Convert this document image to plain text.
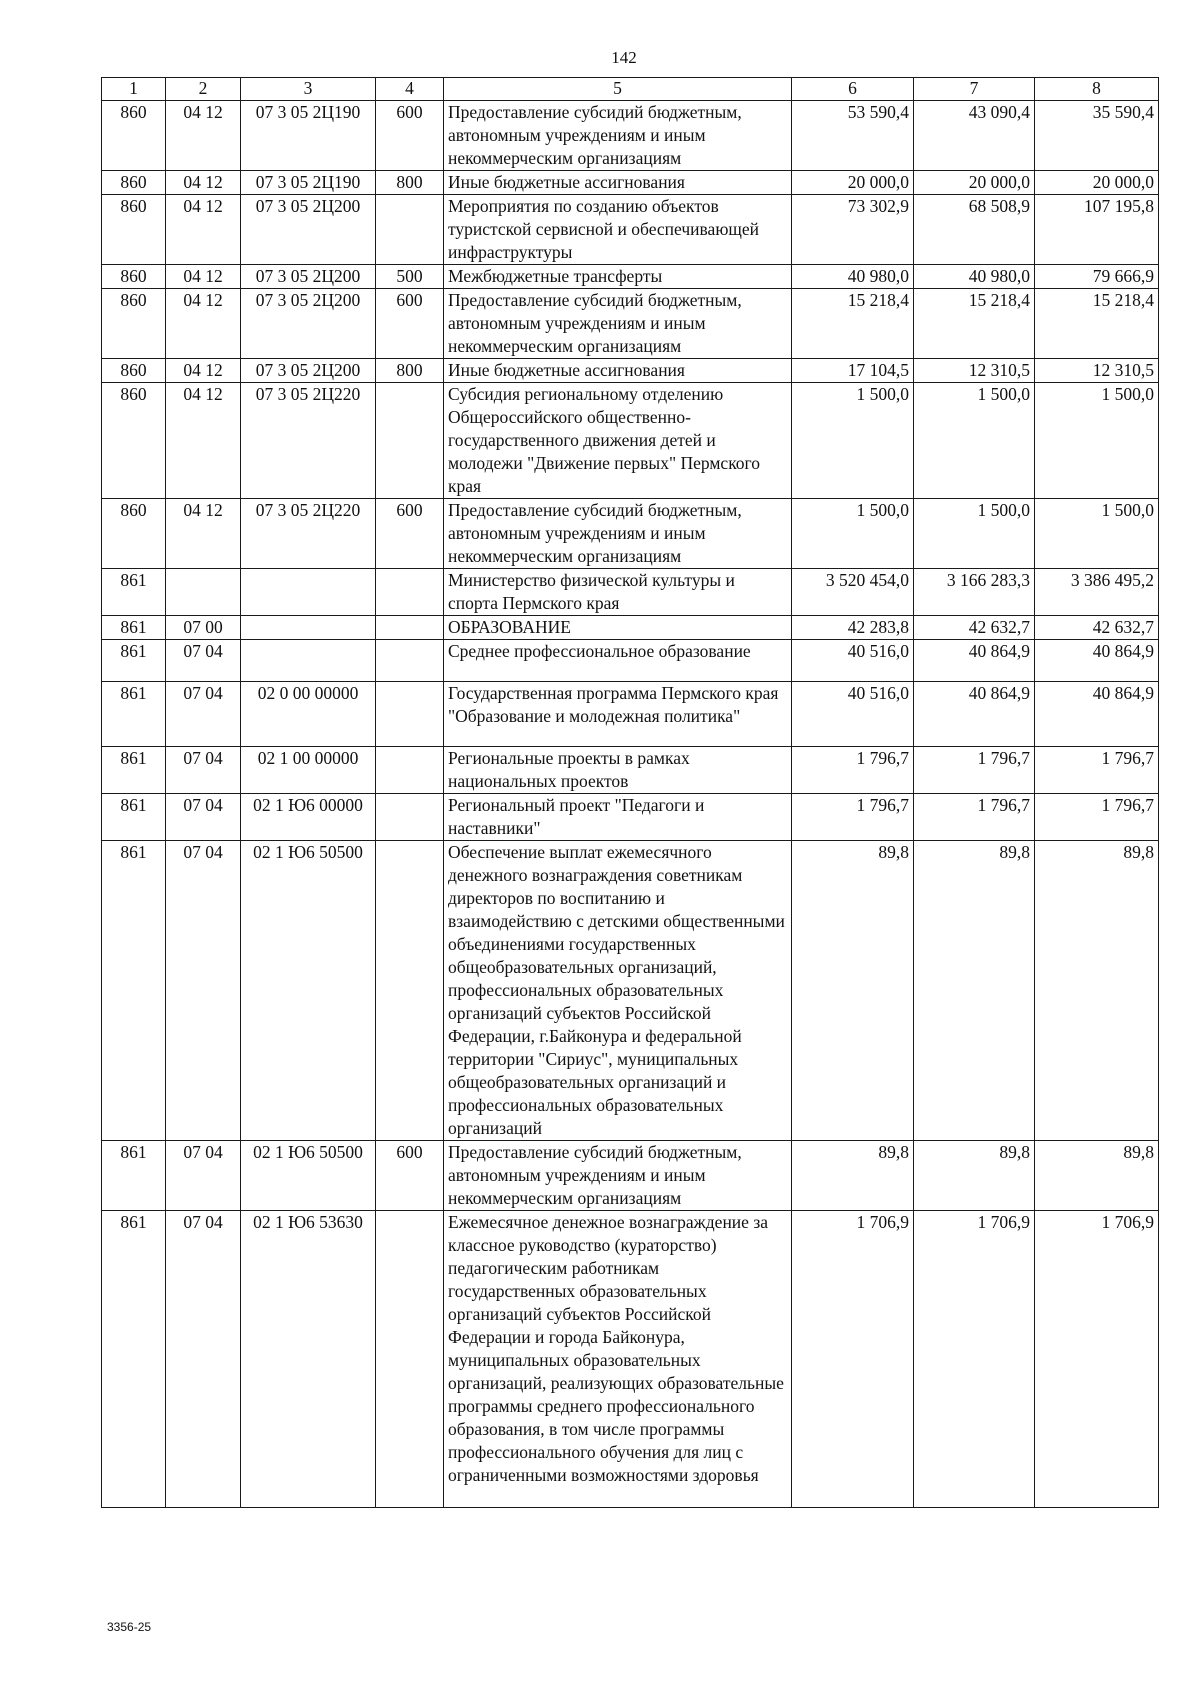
142
1	2	3	4	5	6	7	8
860	04 12	07 3 05 2Ц190	600	Предоставление субсидий бюджетным, автономным учреждениям и иным некоммерческим организациям	53 590,4	43 090,4	35 590,4
860	04 12	07 3 05 2Ц190	800	Иные бюджетные ассигнования	20 000,0	20 000,0	20 000,0
860	04 12	07 3 05 2Ц200		Мероприятия по созданию объектов туристской сервисной и обеспечивающей инфраструктуры	73 302,9	68 508,9	107 195,8
860	04 12	07 3 05 2Ц200	500	Межбюджетные трансферты	40 980,0	40 980,0	79 666,9
860	04 12	07 3 05 2Ц200	600	Предоставление субсидий бюджетным, автономным учреждениям и иным некоммерческим организациям	15 218,4	15 218,4	15 218,4
860	04 12	07 3 05 2Ц200	800	Иные бюджетные ассигнования	17 104,5	12 310,5	12 310,5
860	04 12	07 3 05 2Ц220		Субсидия региональному отделению Общероссийского общественно-государственного движения детей и молодежи "Движение первых" Пермского края	1 500,0	1 500,0	1 500,0
860	04 12	07 3 05 2Ц220	600	Предоставление субсидий бюджетным, автономным учреждениям и иным некоммерческим организациям	1 500,0	1 500,0	1 500,0
861				Министерство физической культуры и спорта Пермского края	3 520 454,0	3 166 283,3	3 386 495,2
861	07 00			ОБРАЗОВАНИЕ	42 283,8	42 632,7	42 632,7
861	07 04			Среднее профессиональное образование	40 516,0	40 864,9	40 864,9
861	07 04	02 0 00 00000		Государственная программа Пермского края "Образование и молодежная политика"	40 516,0	40 864,9	40 864,9
861	07 04	02 1 00 00000		Региональные проекты в рамках национальных проектов	1 796,7	1 796,7	1 796,7
861	07 04	02 1 Ю6 00000		Региональный проект "Педагоги и наставники"	1 796,7	1 796,7	1 796,7
861	07 04	02 1 Ю6 50500		Обеспечение выплат ежемесячного денежного вознаграждения советникам директоров по воспитанию и взаимодействию с детскими общественными объединениями государственных общеобразовательных организаций, профессиональных образовательных организаций субъектов Российской Федерации, г.Байконура и федеральной территории "Сириус", муниципальных общеобразовательных организаций и профессиональных образовательных организаций	89,8	89,8	89,8
861	07 04	02 1 Ю6 50500	600	Предоставление субсидий бюджетным, автономным учреждениям и иным некоммерческим организациям	89,8	89,8	89,8
861	07 04	02 1 Ю6 53630		Ежемесячное денежное вознаграждение за классное руководство (кураторство) педагогическим работникам государственных образовательных организаций субъектов Российской Федерации и города Байконура, муниципальных образовательных организаций, реализующих образовательные программы среднего профессионального образования, в том числе программы профессионального обучения для лиц с ограниченными возможностями здоровья	1 706,9	1 706,9	1 706,9
3356-25
